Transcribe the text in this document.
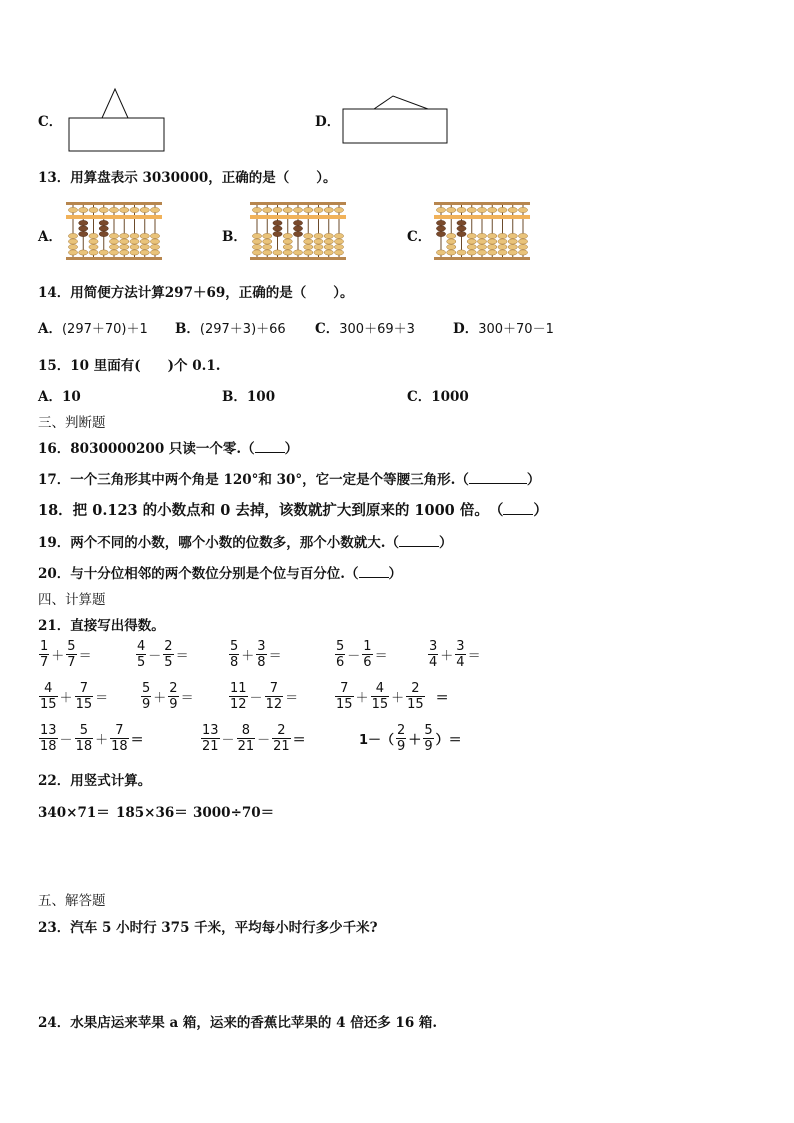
C．	D．
13．用算盘表示 3030000，正确的是（　　）。
A．	B．	C．
14．用简便方法计算297＋69，正确的是（　　）。
A．(297＋70)＋1 B．(297＋3)＋66 C．300＋69＋3	D．300＋70－1
15．10 里面有(　　)个 0.1.
A．10	B．100	C．1000
三、判断题
16．8030000200 只读一个零.（ ）
17．一个三角形其中两个角是 120°和 30°，它一定是个等腰三角形.（	）
18．把 0.123 的小数点和 0 去掉，该数就扩大到原来的 1000 倍。　（ ）
19．两个不同的小数，哪个小数的位数多，那个小数就大.（	）
20．与十分位相邻的两个数位分别是个位与百分位.（ ）
四、计算题
21．直接写出得数。
$\frac{1}{7} + \frac{5}{7}$ ＝	$\frac{4}{5} - \frac{2}{5}$ ＝	$\frac{5}{8} + \frac{3}{8}$ ＝	$\frac{5}{6} - \frac{1}{6}$ ＝	$\frac{3}{4} + \frac{3}{4}$ ＝
$\frac{4}{15} + \frac{7}{15}$ ＝	$\frac{5}{9} + \frac{2}{9}$ ＝	$\frac{11}{12} - \frac{7}{12}$ ＝	$\frac{7}{15} + \frac{4}{15} + \frac{2}{15}$ ＝
$\frac{13}{18} - \frac{5}{18} + \frac{7}{18}$ ＝	$\frac{13}{21} - \frac{8}{21} - \frac{2}{21}$ ＝	$1-( \frac{2}{9} + \frac{5}{9}$ ）＝
22．用竖式计算。
340×71＝ 185×36＝ 3000÷70＝
五、解答题
23．汽车 5 小时行 375 千米，平均每小时行多少千米?
24．水果店运来苹果 a 箱，运来的香蕉比苹果的 4 倍还多 16 箱.
